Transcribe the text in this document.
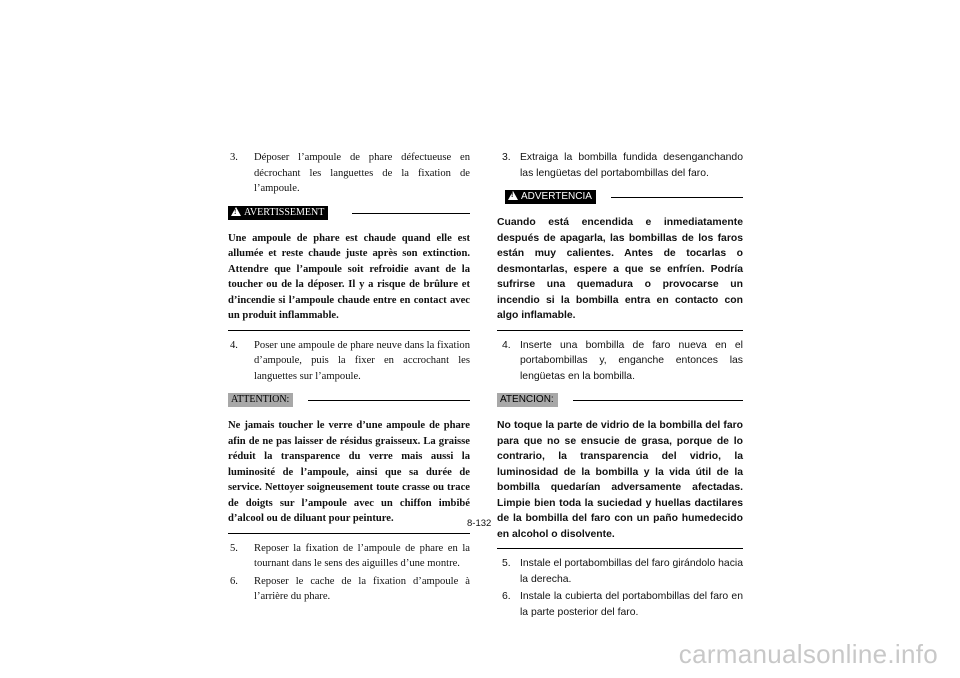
3. Déposer l’ampoule de phare défectueuse en décrochant les languettes de la fixation de l’ampoule.
!AVERTISSEMENT
Une ampoule de phare est chaude quand elle est allumée et reste chaude juste après son extinction. Attendre que l’ampoule soit refroidie avant de la toucher ou de la déposer. Il y a risque de brûlure et d’incendie si l’ampoule chaude entre en contact avec un produit inflammable.
4. Poser une ampoule de phare neuve dans la fixation d’ampoule, puis la fixer en accrochant les languettes sur l’ampoule.
ATTENTION:
Ne jamais toucher le verre d’une ampoule de phare afin de ne pas laisser de résidus graisseux. La graisse réduit la transparence du verre mais aussi la luminosité de l’ampoule, ainsi que sa durée de service. Nettoyer soigneusement toute crasse ou trace de doigts sur l’ampoule avec un chiffon imbibé d’alcool ou de diluant pour peinture.
5. Reposer la fixation de l’ampoule de phare en la tournant dans le sens des aiguilles d’une montre.
6. Reposer le cache de la fixation d’ampoule à l’arrière du phare.
3. Extraiga la bombilla fundida desenganchando las lengüetas del portabombillas del faro.
!ADVERTENCIA
Cuando está encendida e inmediatamente después de apagarla, las bombillas de los faros están muy calientes. Antes de tocarlas o desmontarlas, espere a que se enfríen. Podría sufrirse una quemadura o provocarse un incendio si la bombilla entra en contacto con algo inflamable.
4. Inserte una bombilla de faro nueva en el portabombillas y, enganche entonces las lengüetas en la bombilla.
ATENCION:
No toque la parte de vidrio de la bombilla del faro para que no se ensucie de grasa, porque de lo contrario, la transparencia del vidrio, la luminosidad de la bombilla y la vida útil de la bombilla quedarían adversamente afectadas. Limpie bien toda la suciedad y huellas dactilares de la bombilla del faro con un paño humedecido en alcohol o disolvente.
5. Instale el portabombillas del faro girándolo hacia la derecha.
6. Instale la cubierta del portabombillas del faro en la parte posterior del faro.
8-132
carmanualsonline.info
